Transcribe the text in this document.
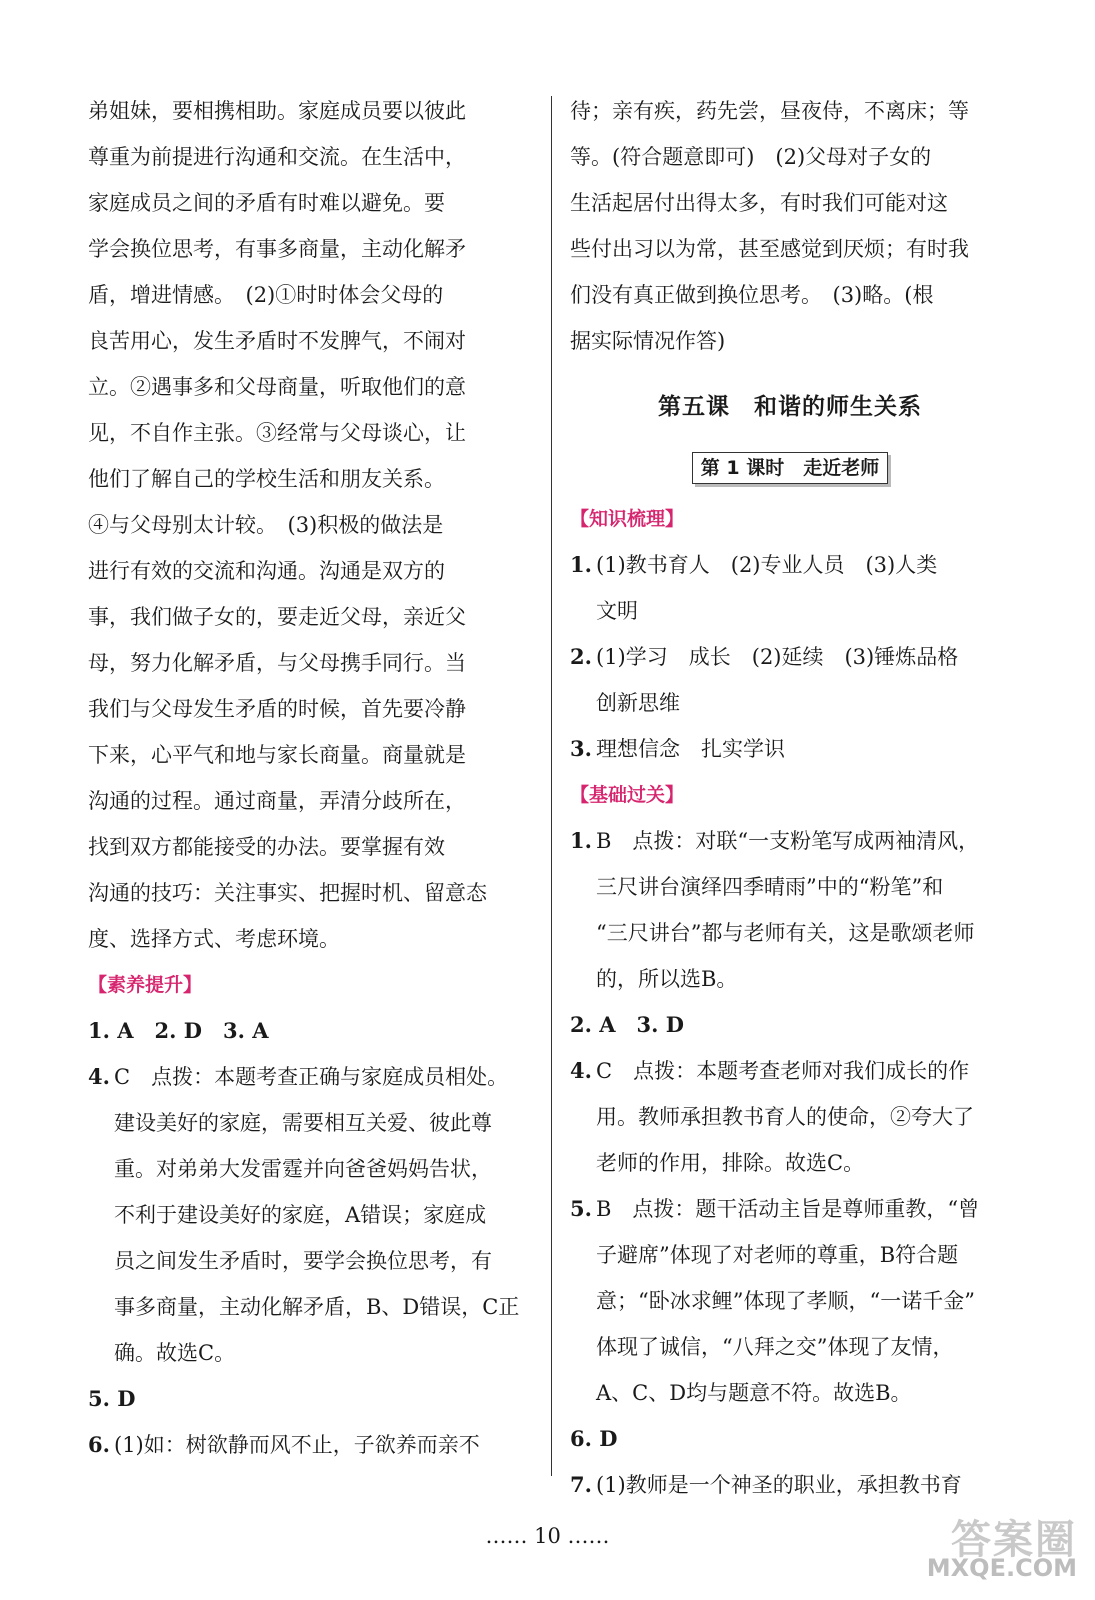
弟姐妹，要相携相助。家庭成员要以彼此
尊重为前提进行沟通和交流。在生活中，
家庭成员之间的矛盾有时难以避免。要
学会换位思考，有事多商量，主动化解矛
盾，增进情感。　(2)①时时体会父母的
良苦用心，发生矛盾时不发脾气，不闹对
立。②遇事多和父母商量，听取他们的意
见，不自作主张。③经常与父母谈心，让
他们了解自己的学校生活和朋友关系。
④与父母别太计较。　(3)积极的做法是
进行有效的交流和沟通。沟通是双方的
事，我们做子女的，要走近父母，亲近父
母，努力化解矛盾，与父母携手同行。当
我们与父母发生矛盾的时候，首先要冷静
下来，心平气和地与家长商量。商量就是
沟通的过程。通过商量，弄清分歧所在，
找到双方都能接受的办法。要掌握有效
沟通的技巧：关注事实、把握时机、留意态
度、选择方式、考虑环境。
【素养提升】
1. A　2. D　3. A
4. C　点拨：本题考查正确与家庭成员相处。
建设美好的家庭，需要相互关爱、彼此尊
重。对弟弟大发雷霆并向爸爸妈妈告状，
不利于建设美好的家庭，A错误；家庭成
员之间发生矛盾时，要学会换位思考，有
事多商量，主动化解矛盾，B、D错误，C正
确。故选C。
5. D
6. (1)如：树欲静而风不止，子欲养而亲不
待；亲有疾，药先尝，昼夜侍，不离床；等
等。(符合题意即可)　(2)父母对子女的
生活起居付出得太多，有时我们可能对这
些付出习以为常，甚至感觉到厌烦；有时我
们没有真正做到换位思考。　(3)略。(根
据实际情况作答)
第五课　和谐的师生关系
第 1 课时　走近老师
【知识梳理】
1. (1)教书育人　(2)专业人员　(3)人类
文明
2. (1)学习　成长　(2)延续　(3)锤炼品格
创新思维
3. 理想信念　扎实学识
【基础过关】
1. B　点拨：对联“一支粉笔写成两袖清风，
三尺讲台演绎四季晴雨”中的“粉笔”和
“三尺讲台”都与老师有关，这是歌颂老师
的，所以选B。
2. A　3. D
4. C　点拨：本题考查老师对我们成长的作
用。教师承担教书育人的使命，②夸大了
老师的作用，排除。故选C。
5. B　点拨：题干活动主旨是尊师重教，“曾
子避席”体现了对老师的尊重，B符合题
意；“卧冰求鲤”体现了孝顺，“一诺千金”
体现了诚信，“八拜之交”体现了友情，
A、C、D均与题意不符。故选B。
6. D
7. (1)教师是一个神圣的职业，承担教书育
…… 10 ……	答案圈
MXQE.COM
